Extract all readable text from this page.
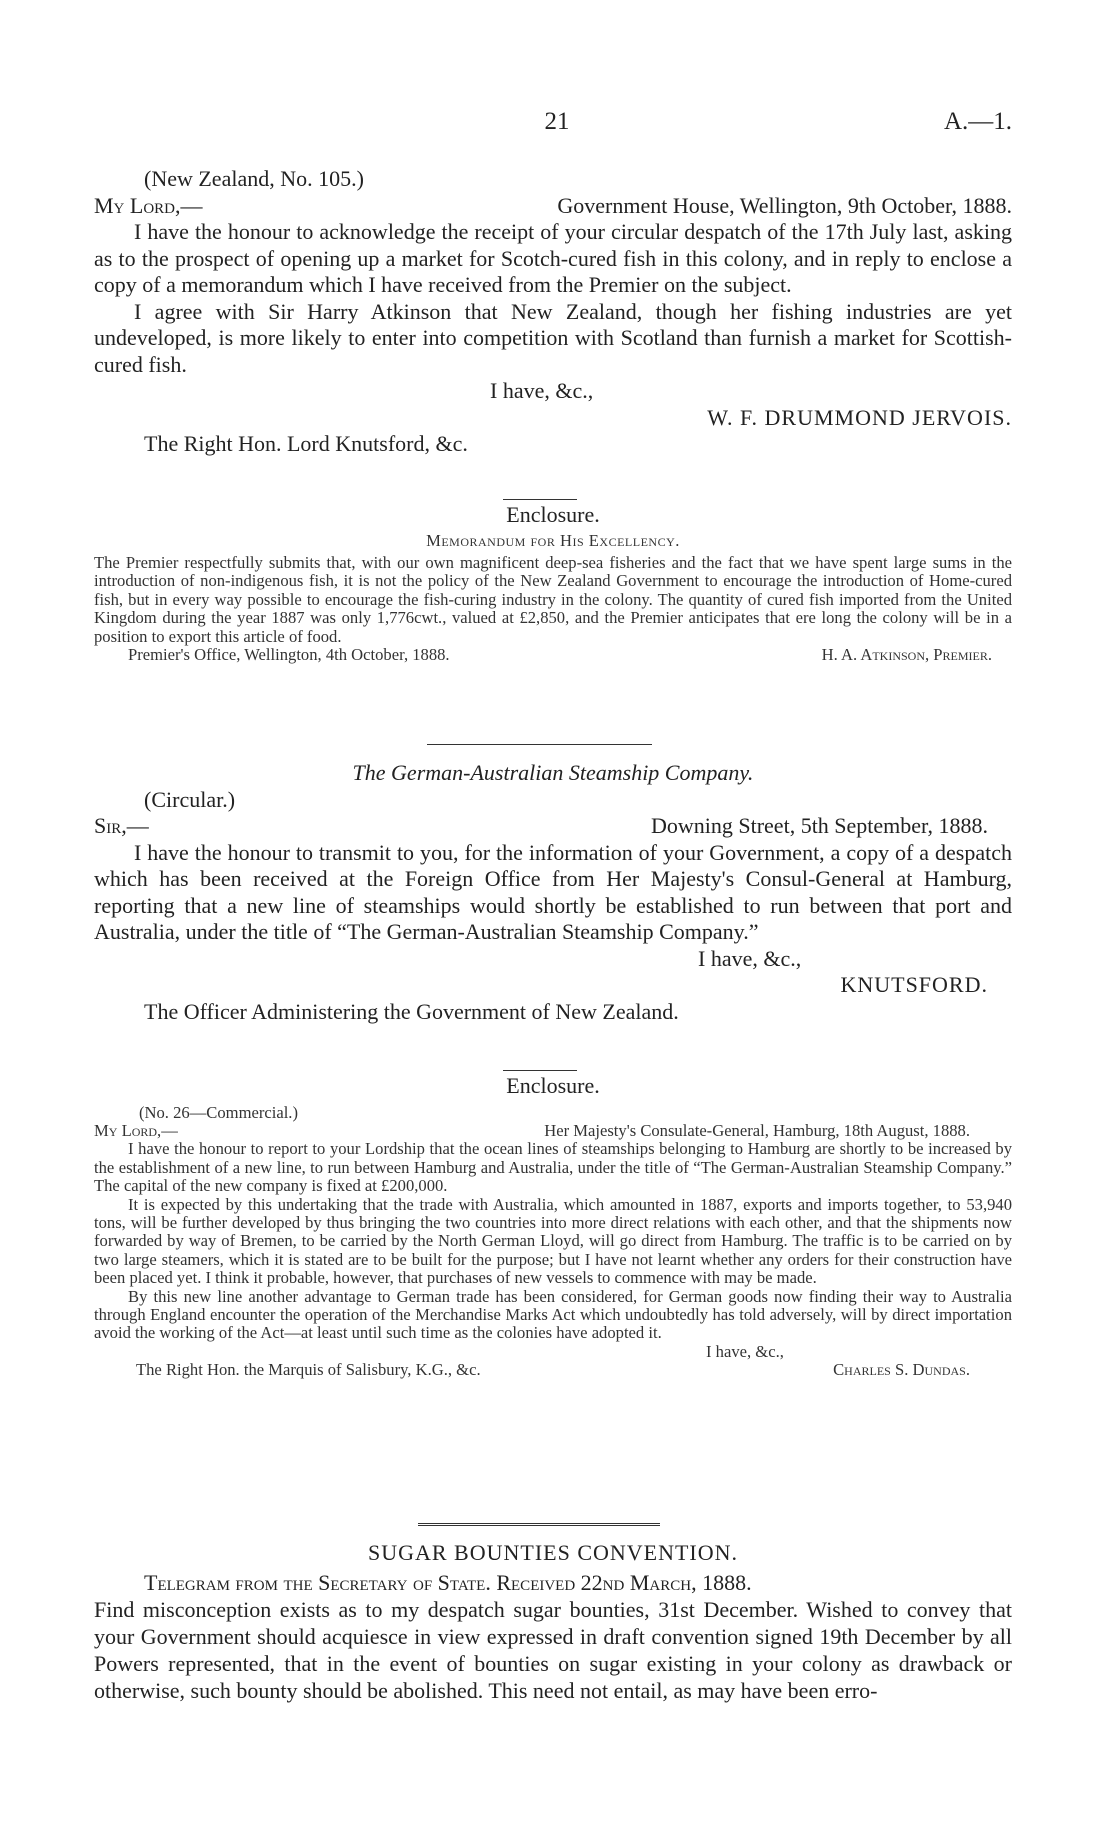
21	A.—1.
(New Zealand, No. 105.)
My Lord,—	Government House, Wellington, 9th October, 1888.

I have the honour to acknowledge the receipt of your circular despatch of the 17th July last, asking as to the prospect of opening up a market for Scotch-cured fish in this colony, and in reply to enclose a copy of a memorandum which I have received from the Premier on the subject.

I agree with Sir Harry Atkinson that New Zealand, though her fishing industries are yet undeveloped, is more likely to enter into competition with Scotland than furnish a market for Scottish-cured fish.

I have, &c.,
W. F. DRUMMOND JERVOIS.
The Right Hon. Lord Knutsford, &c.
Enclosure.
Memorandum for His Excellency.

The Premier respectfully submits that, with our own magnificent deep-sea fisheries and the fact that we have spent large sums in the introduction of non-indigenous fish, it is not the policy of the New Zealand Government to encourage the introduction of Home-cured fish, but in every way possible to encourage the fish-curing industry in the colony. The quantity of cured fish imported from the United Kingdom during the year 1887 was only 1,776cwt., valued at £2,850, and the Premier anticipates that ere long the colony will be in a position to export this article of food.

Premier's Office, Wellington, 4th October, 1888.	H. A. Atkinson, Premier.
The German-Australian Steamship Company.
(Circular.)
Sir,—	Downing Street, 5th September, 1888.

I have the honour to transmit to you, for the information of your Government, a copy of a despatch which has been received at the Foreign Office from Her Majesty's Consul-General at Hamburg, reporting that a new line of steamships would shortly be established to run between that port and Australia, under the title of “The German-Australian Steamship Company.”

I have, &c.,
KNUTSFORD.
The Officer Administering the Government of New Zealand.
Enclosure.
(No. 26—Commercial.)
My Lord,—	Her Majesty's Consulate-General, Hamburg, 18th August, 1888.

I have the honour to report to your Lordship that the ocean lines of steamships belonging to Hamburg are shortly to be increased by the establishment of a new line, to run between Hamburg and Australia, under the title of “The German-Australian Steamship Company.” The capital of the new company is fixed at £200,000.

It is expected by this undertaking that the trade with Australia, which amounted in 1887, exports and imports together, to 53,940 tons, will be further developed by thus bringing the two countries into more direct relations with each other, and that the shipments now forwarded by way of Bremen, to be carried by the North German Lloyd, will go direct from Hamburg. The traffic is to be carried on by two large steamers, which it is stated are to be built for the purpose; but I have not learnt whether any orders for their construction have been placed yet. I think it probable, however, that purchases of new vessels to commence with may be made.

By this new line another advantage to German trade has been considered, for German goods now finding their way to Australia through England encounter the operation of the Merchandise Marks Act which undoubtedly has told adversely, will by direct importation avoid the working of the Act—at least until such time as the colonies have adopted it.

I have, &c.,
The Right Hon. the Marquis of Salisbury, K.G., &c.	Charles S. Dundas.
SUGAR BOUNTIES CONVENTION.
Telegram from the Secretary of State. Received 22nd March, 1888.

Find misconception exists as to my despatch sugar bounties, 31st December. Wished to convey that your Government should acquiesce in view expressed in draft convention signed 19th December by all Powers represented, that in the event of bounties on sugar existing in your colony as drawback or otherwise, such bounty should be abolished. This need not entail, as may have been erro-
